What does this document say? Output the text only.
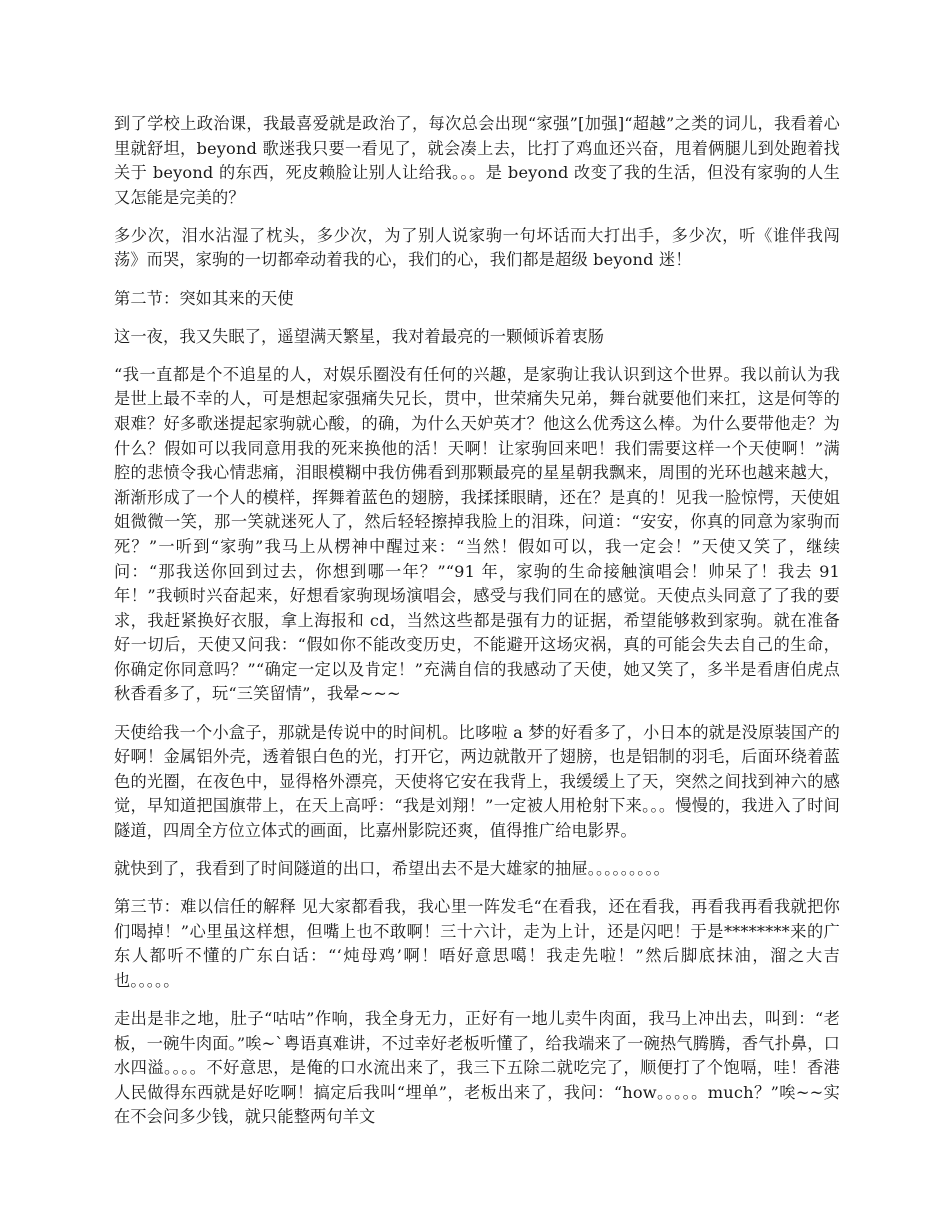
到了学校上政治课，我最喜爱就是政治了，每次总会出现“家强”[加强]“超越”之类的词儿，我看着心里就舒坦，beyond 歌迷我只要一看见了，就会凑上去，比打了鸡血还兴奋，甩着俩腿儿到处跑着找关于 beyond 的东西，死皮赖脸让别人让给我。。。是 beyond 改变了我的生活，但没有家驹的人生又怎能是完美的？

多少次，泪水沾湿了枕头，多少次，为了别人说家驹一句坏话而大打出手，多少次，听《谁伴我闯荡》而哭，家驹的一切都牵动着我的心，我们的心，我们都是超级 beyond 迷！

第二节：突如其来的天使

这一夜，我又失眠了，遥望满天繁星，我对着最亮的一颗倾诉着衷肠

“我一直都是个不追星的人，对娱乐圈没有任何的兴趣，是家驹让我认识到这个世界。我以前认为我是世上最不幸的人，可是想起家强痛失兄长，贯中，世荣痛失兄弟，舞台就要他们来扛，这是何等的艰难？好多歌迷提起家驹就心酸，的确，为什么天妒英才？他这么优秀这么棒。为什么要带他走？为什么？假如可以我同意用我的死来换他的活！天啊！让家驹回来吧！我们需要这样一个天使啊！”满腔的悲愤令我心情悲痛，泪眼模糊中我仿佛看到那颗最亮的星星朝我飘来，周围的光环也越来越大，渐渐形成了一个人的模样，挥舞着蓝色的翅膀，我揉揉眼睛，还在？是真的！见我一脸惊愕，天使姐姐微微一笑，那一笑就迷死人了，然后轻轻擦掉我脸上的泪珠，问道：“安安，你真的同意为家驹而死？”一听到“家驹”我马上从楞神中醒过来：“当然！假如可以，我一定会！”天使又笑了，继续问：“那我送你回到过去，你想到哪一年？”“91 年，家驹的生命接触演唱会！帅呆了！我去 91 年！”我顿时兴奋起来，好想看家驹现场演唱会，感受与我们同在的感觉。天使点头同意了了我的要求，我赶紧换好衣服，拿上海报和 cd，当然这些都是强有力的证据，希望能够救到家驹。就在准备好一切后，天使又问我：“假如你不能改变历史，不能避开这场灾祸，真的可能会失去自己的生命，你确定你同意吗？”“确定一定以及肯定！”充满自信的我感动了天使，她又笑了，多半是看唐伯虎点秋香看多了，玩“三笑留情”，我晕~~~

天使给我一个小盒子，那就是传说中的时间机。比哆啦 a 梦的好看多了，小日本的就是没原装国产的好啊！金属铝外壳，透着银白色的光，打开它，两边就散开了翅膀，也是铝制的羽毛，后面环绕着蓝色的光圈，在夜色中，显得格外漂亮，天使将它安在我背上，我缓缓上了天，突然之间找到神六的感觉，早知道把国旗带上，在天上高呼：“我是刘翔！”一定被人用枪射下来。。。慢慢的，我进入了时间隧道，四周全方位立体式的画面，比嘉州影院还爽，值得推广给电影界。

就快到了，我看到了时间隧道的出口，希望出去不是大雄家的抽屉。。。。。。。。。

第三节：难以信任的解释 见大家都看我，我心里一阵发毛“在看我，还在看我，再看我再看我就把你们喝掉！”心里虽这样想，但嘴上也不敢啊！三十六计，走为上计，还是闪吧！于是********来的广东人都听不懂的广东白话：“‘炖母鸡’啊！唔好意思噶！我走先啦！”然后脚底抹油，溜之大吉也。。。。。

走出是非之地，肚子“咕咕”作响，我全身无力，正好有一地儿卖牛肉面，我马上冲出去，叫到：“老板，一碗牛肉面。”唉~`粤语真难讲，不过幸好老板听懂了，给我端来了一碗热气腾腾，香气扑鼻，口水四溢。。。。不好意思，是俺的口水流出来了，我三下五除二就吃完了，顺便打了个饱嗝，哇！香港人民做得东西就是好吃啊！搞定后我叫“埋单”，老板出来了，我问：“how。。。。。much？”唉~~实在不会问多少钱，就只能整两句羊文
